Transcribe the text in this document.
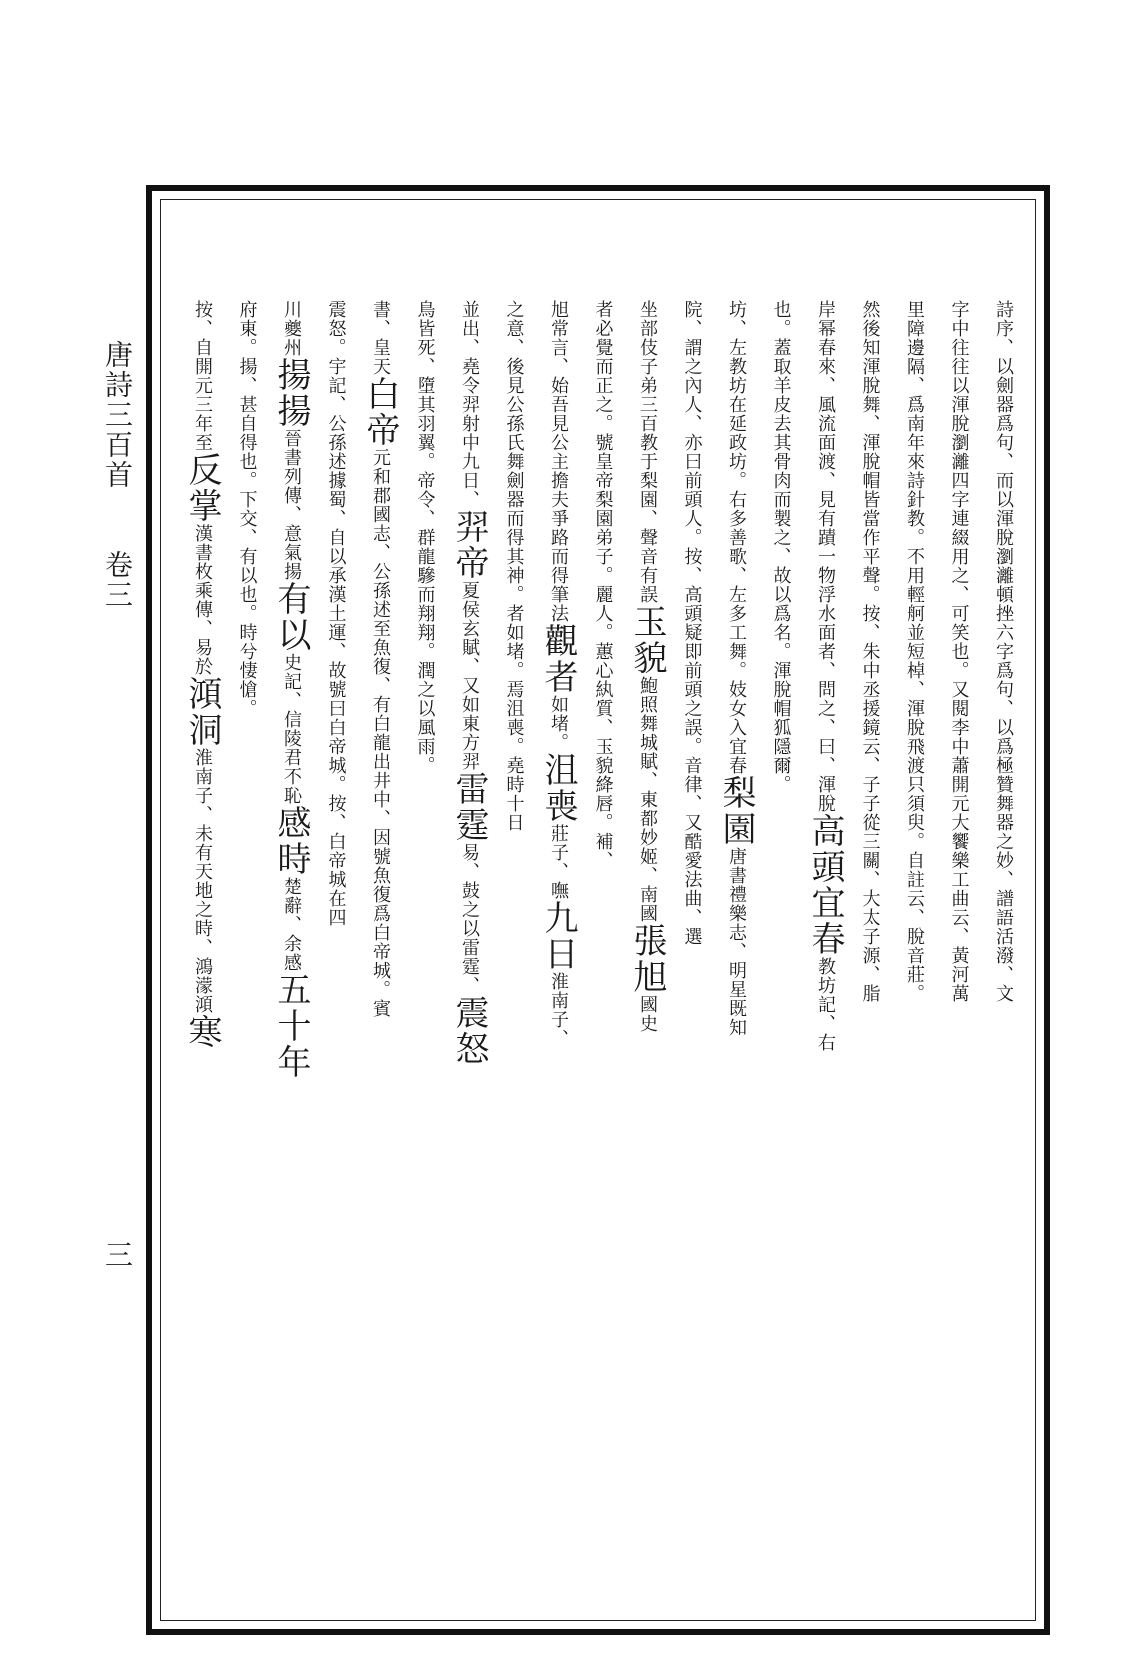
唐詩三百首
卷三
三
詩序、以劍器爲句、而以渾脫瀏灕頓挫六字爲句、以爲極贊舞器之妙、譜語活潑、文
字中往往以渾脫瀏灕四字連綴用之、可笑也。又閱李中蕭開元大饗樂工曲云、黃河萬
里障邊隔、爲南年來詩針教。不用輕舸並短棹、渾脫飛渡只須臾。自註云、脫音莊。
然後知渾脫舞、渾脫帽皆當作平聲。按、朱中丞援鏡云、子子從三關、大太子源、脂
岸幂春來、風流面渡、見有蹟一物浮水面者、問之、曰、渾脫高頭宜春教坊記、右
也。蓋取羊皮去其骨肉而製之、故以爲名。渾脫帽狐隱爾。
坊、左教坊在延政坊。右多善歌、左多工舞。妓女入宜春梨園唐書禮樂志、明星既知
院、謂之內人、亦曰前頭人。按、高頭疑即前頭之誤。音律、又酷愛法曲、選
坐部伎子弟三百教于梨園、聲音有誤玉貌鮑照舞城賦、東都妙姬、南國張旭國史
者必覺而正之。號皇帝梨園弟子。麗人。蕙心紈質、玉貌絳唇。補、
旭常言、始吾見公主擔夫爭路而得筆法觀者如堵。沮喪莊子、嘸九日淮南子、
之意、後見公孫氏舞劍器而得其神。者如堵。焉沮喪。堯時十日
並出、堯令羿射中九日、羿帝夏侯玄賦、又如東方羿雷霆易、鼓之以雷霆、震怒
鳥皆死、墮其羽翼。帝令、群龍驂而翔翔。潤之以風雨。
書、皇天白帝元和郡國志、公孫述至魚復、有白龍出井中、因號魚復爲白帝城。賓
震怒。宇記、公孫述據蜀、自以承漢土運、故號曰白帝城。按、白帝城在四
川夔州揚揚晉書列傳、意氣揚有以史記、信陵君不恥感時楚辭、余感五十年
府東。揚、甚自得也。下交、有以也。時兮悽愴。
按、自開元三年至反掌漢書枚乘傳、易於澒洞淮南子、未有天地之時、鴻濛澒寒
